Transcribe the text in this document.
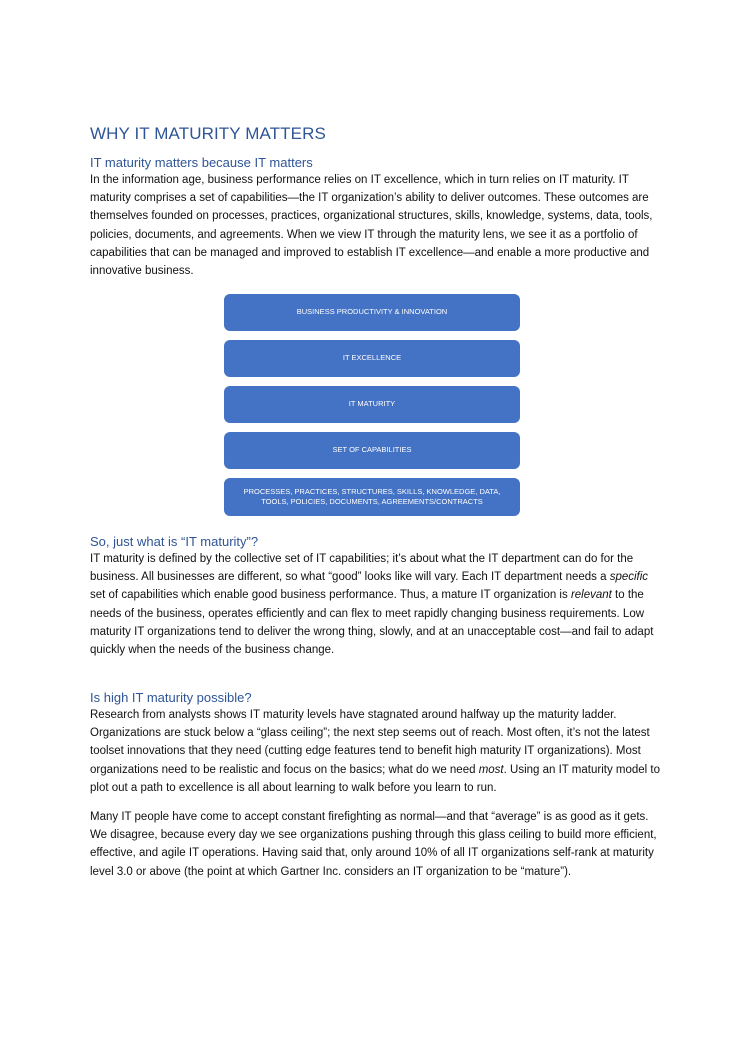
WHY IT MATURITY MATTERS
IT maturity matters because IT matters

In the information age, business performance relies on IT excellence, which in turn relies on IT maturity. IT maturity comprises a set of capabilities—the IT organization’s ability to deliver outcomes. These outcomes are themselves founded on processes, practices, organizational structures, skills, knowledge, systems, data, tools, policies, documents, and agreements. When we view IT through the maturity lens, we see it as a portfolio of capabilities that can be managed and improved to establish IT excellence—and enable a more productive and innovative business.

BUSINESS PRODUCTIVITY & INNOVATION
IT EXCELLENCE
IT MATURITY
SET OF CAPABILITIES
PROCESSES, PRACTICES, STRUCTURES, SKILLS, KNOWLEDGE, DATA, TOOLS, POLICIES, DOCUMENTS, AGREEMENTS/CONTRACTS
So, just what is “IT maturity”?

IT maturity is defined by the collective set of IT capabilities; it’s about what the IT department can do for the business. All businesses are different, so what “good” looks like will vary. Each IT department needs a specific set of capabilities which enable good business performance. Thus, a mature IT organization is relevant to the needs of the business, operates efficiently and can flex to meet rapidly changing business requirements. Low maturity IT organizations tend to deliver the wrong thing, slowly, and at an unacceptable cost—and fail to adapt quickly when the needs of the business change.

Is high IT maturity possible?

Research from analysts shows IT maturity levels have stagnated around halfway up the maturity ladder. Organizations are stuck below a “glass ceiling”; the next step seems out of reach. Most often, it’s not the latest toolset innovations that they need (cutting edge features tend to benefit high maturity IT organizations). Most organizations need to be realistic and focus on the basics; what do we need most. Using an IT maturity model to plot out a path to excellence is all about learning to walk before you learn to run.

Many IT people have come to accept constant firefighting as normal—and that “average” is as good as it gets. We disagree, because every day we see organizations pushing through this glass ceiling to build more efficient, effective, and agile IT operations. Having said that, only around 10% of all IT organizations self-rank at maturity level 3.0 or above (the point at which Gartner Inc. considers an IT organization to be “mature”).
